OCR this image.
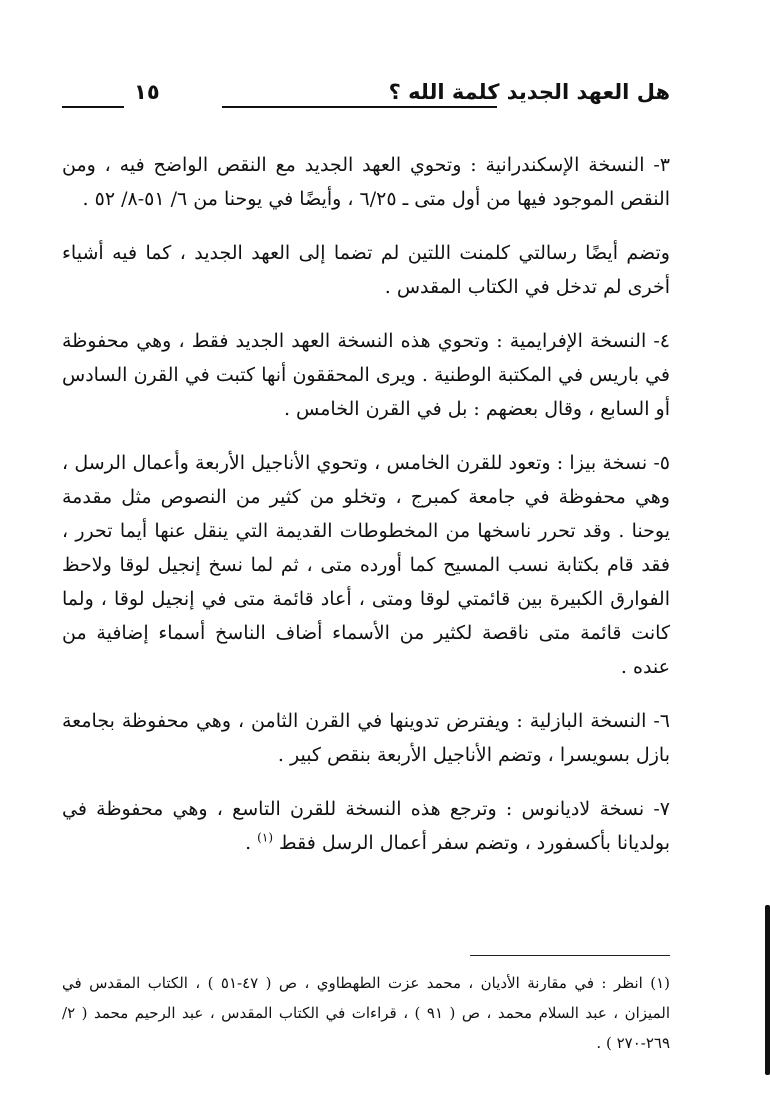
هل العهد الجديد كلمة الله ؟
١٥

٣- النسخة الإسكندرانية : وتحوي العهد الجديد مع النقص الواضح فيه ، ومن النقص الموجود فيها من أول متى ـ ٦/٢٥ ، وأيضًا في يوحنا من ٦/ ٥١-٨/ ٥٢ .

وتضم أيضًا رسالتي كلمنت اللتين لم تضما إلى العهد الجديد ، كما فيه أشياء أخرى لم تدخل في الكتاب المقدس .

٤- النسخة الإفرايمية : وتحوي هذه النسخة العهد الجديد فقط ، وهي محفوظة في باريس في المكتبة الوطنية . ويرى المحققون أنها كتبت في القرن السادس أو السابع ، وقال بعضهم : بل في القرن الخامس .

٥- نسخة بيزا : وتعود للقرن الخامس ، وتحوي الأناجيل الأربعة وأعمال الرسل ، وهي محفوظة في جامعة كمبرج ، وتخلو من كثير من النصوص مثل مقدمة يوحنا . وقد تحرر ناسخها من المخطوطات القديمة التي ينقل عنها أيما تحرر ، فقد قام بكتابة نسب المسيح كما أورده متى ، ثم لما نسخ إنجيل لوقا ولاحظ الفوارق الكبيرة بين قائمتي لوقا ومتى ، أعاد قائمة متى في إنجيل لوقا ، ولما كانت قائمة متى ناقصة لكثير من الأسماء أضاف الناسخ أسماء إضافية من عنده .

٦- النسخة البازلية : ويفترض تدوينها في القرن الثامن ، وهي محفوظة بجامعة بازل بسويسرا ، وتضم الأناجيل الأربعة بنقص كبير .

٧- نسخة لاديانوس : وترجع هذه النسخة للقرن التاسع ، وهي محفوظة في بولديانا بأكسفورد ، وتضم سفر أعمال الرسل فقط $^{(١)}$ .

(١) انظر : في مقارنة الأديان ، محمد عزت الطهطاوي ، ص ( ٤٧-٥١ ) ، الكتاب المقدس في الميزان ، عبد السلام محمد ، ص ( ٩١ ) ، قراءات في الكتاب المقدس ، عبد الرحيم محمد ( ٢/ ٢٦٩-٢٧٠ ) .
